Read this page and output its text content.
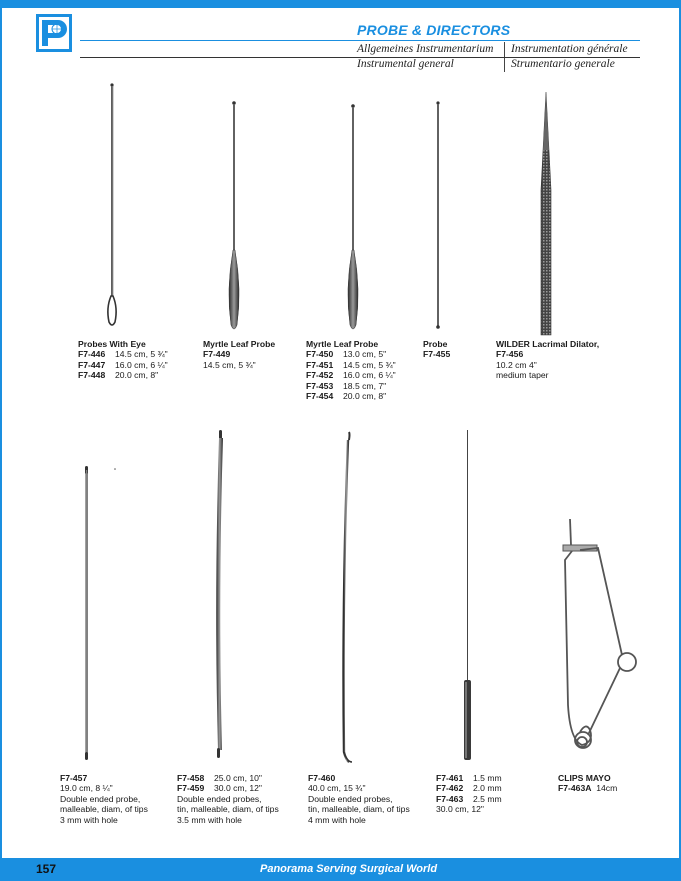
PROBE & DIRECTORS
Allgemeines Instrumentarium Instrumentation générale
Instrumental general	Strumentario generale
Probes With Eye
F7-446 14.5 cm, 5 ¾"
F7-447 16.0 cm, 6 ¼"
F7-448 20.0 cm, 8"
Myrtle Leaf Probe
F7-449
14.5 cm, 5 ¾"
Myrtle Leaf Probe
F7-450 13.0 cm, 5"
F7-451 14.5 cm, 5 ¾"
F7-452 16.0 cm, 6 ¼"
F7-453 18.5 cm, 7"
F7-454 20.0 cm, 8"
Probe
F7-455
WILDER Lacrimal Dilator,
F7-456
10.2 cm 4"
medium taper
F7-457
19.0 cm, 8 ¼"
Double ended probe,
malleable, diam, of tips
3 mm with hole
F7-458 25.0 cm, 10"
F7-459 30.0 cm, 12"
Double ended probes,
tin, malleable, diam, of tips
3.5 mm with hole
F7-460
40.0 cm, 15 ¾"
Double ended probes,
tin, malleable, diam, of tips
4 mm with hole
F7-461 1.5 mm
F7-462 2.0 mm
F7-463 2.5 mm
30.0 cm, 12"
CLIPS MAYO
F7-463A 14cm
157	Panorama Serving Surgical World
